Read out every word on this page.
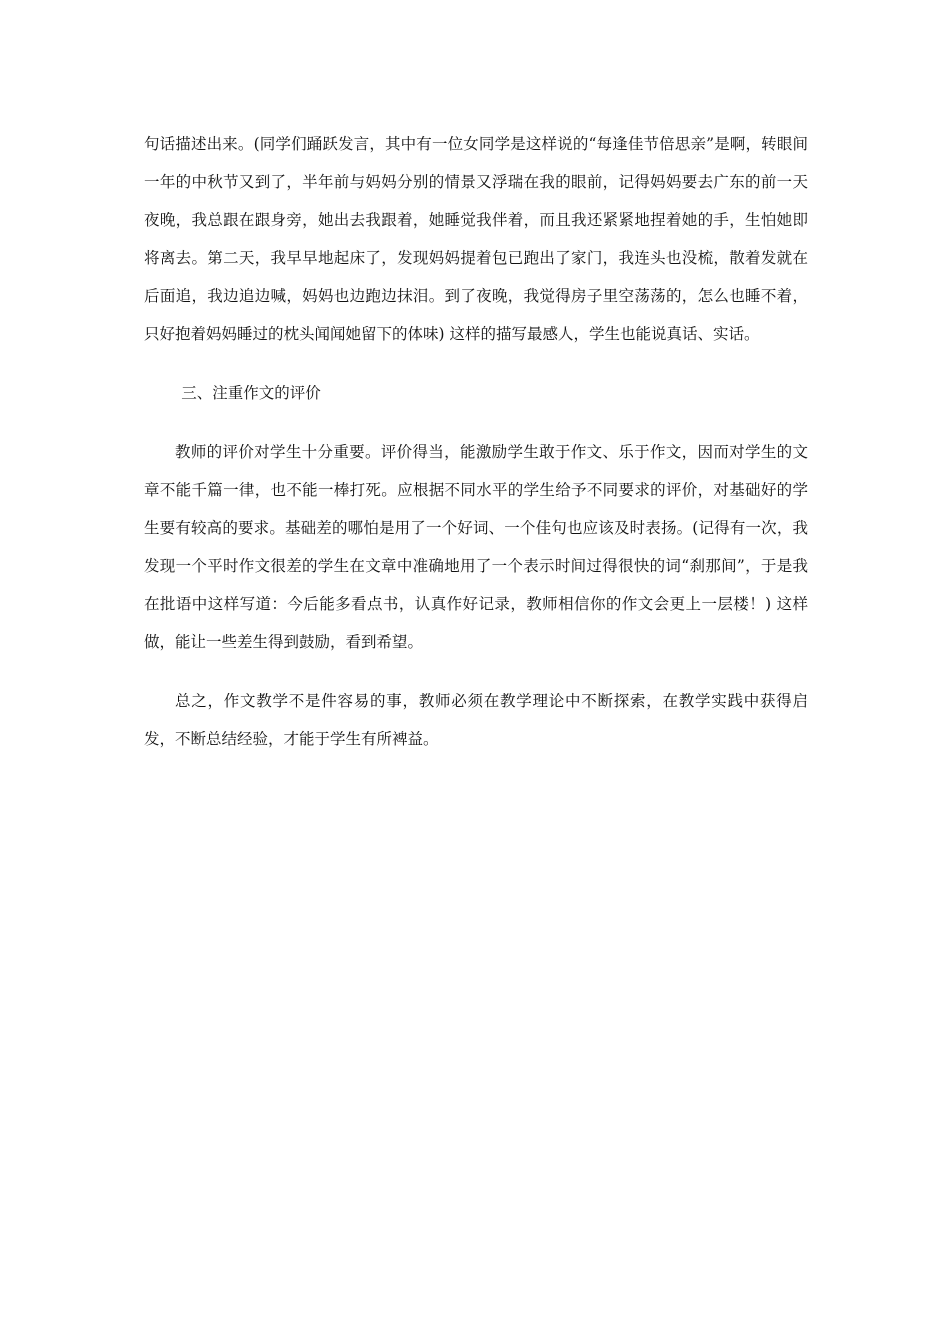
句话描述出来。(同学们踊跃发言，其中有一位女同学是这样说的“每逢佳节倍思亲”是啊，转眼间一年的中秋节又到了，半年前与妈妈分别的情景又浮瑞在我的眼前，记得妈妈要去广东的前一天夜晚，我总跟在跟身旁，她出去我跟着，她睡觉我伴着，而且我还紧紧地捏着她的手，生怕她即将离去。第二天，我早早地起床了，发现妈妈提着包已跑出了家门，我连头也没梳，散着发就在后面追，我边追边喊，妈妈也边跑边抹泪。到了夜晚，我觉得房子里空荡荡的，怎么也睡不着，只好抱着妈妈睡过的枕头闻闻她留下的体味) 这样的描写最感人，学生也能说真话、实话。

三、注重作文的评价

教师的评价对学生十分重要。评价得当，能激励学生敢于作文、乐于作文，因而对学生的文章不能千篇一律，也不能一棒打死。应根据不同水平的学生给予不同要求的评价，对基础好的学生要有较高的要求。基础差的哪怕是用了一个好词、一个佳句也应该及时表扬。(记得有一次，我发现一个平时作文很差的学生在文章中准确地用了一个表示时间过得很快的词“刹那间”，于是我在批语中这样写道：今后能多看点书，认真作好记录，教师相信你的作文会更上一层楼！) 这样做，能让一些差生得到鼓励，看到希望。

总之，作文教学不是件容易的事，教师必须在教学理论中不断探索，在教学实践中获得启发，不断总结经验，才能于学生有所裨益。
